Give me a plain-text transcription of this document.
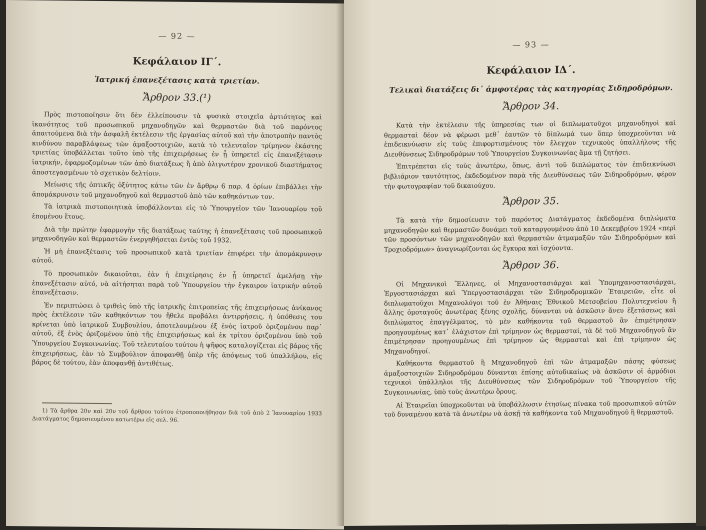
— 92 —
Κεφάλαιον ΙΓ΄.
Ἰατρική ἐπανεξέτασις κατὰ τριετίαν.
Ἄρθρον 33.(¹)

Πρὸς πιστοποίησιν ὅτι δὲν ἐλλείπουσιν τὰ φυσικὰ στοιχεῖα ἀρτιότητος καὶ ἱκανότητος τοῦ προσωπικοῦ μηχανοδηγῶν καὶ θερμαστῶν διὰ τοῦ παρόντος ἀπαιτούμενα διὰ τὴν ἀσφαλῆ ἐκτέλεσιν τῆς ἐργασίας αὐτοῦ καὶ τὴν ἀποτροπὴν παντὸς κινδύνου παραβλάψεως τῶν ἀμαξοστοιχιῶν, κατὰ τὸ τελευταῖον τρίμηνον ἑκάστης τριετίας ὑποβάλλεται τοῦτο ὑπὸ τῆς ἐπιχειρήσεως ἐν ᾗ ὑπηρετεῖ εἰς ἐπανεξέτασιν ἰατρικήν, ἐφαρμοζομένων τῶν ἀπὸ διατάξεως ἢ ἀπὸ ὀλιγωτέρον χρονικοῦ διαστήματος ἀποστεγασμένων τὸ σχετικὸν δελτίοιν.

Μείωσις τῆς ὀπτικῆς ὀξύτητος κάτω τῶν ἐν ἄρθρῳ 6 παρ. 4 ὁρίων ἐπιβάλλει τὴν ἀπομάκρυνσιν τοῦ μηχανοδηγοῦ καὶ θερμαστοῦ ἀπὸ τῶν καθηκόντων τον.

Τὰ ἰατρικὰ πιστοποιητικὰ ὑποβάλλονται εἰς τὸ Ὑπουργεῖον τῶν Ἰανουαρίου τοῦ ἑπομένου ἔτους.

Διὰ τὴν πρώτην ἐφαρμογὴν τῆς διατάξεως ταύτης ἡ ἐπανεξέτασις τοῦ προσωπικοῦ μηχανοδηγῶν καὶ θερμαστῶν ἐνεργηθήσεται ἐντὸς τοῦ 1932.

Ἡ μὴ ἐπανεξέτασις τοῦ προσωπικοῦ κατὰ τριετίαν ἐπιφέρει τὴν ἀπομάκρυνσιν αὐτοῦ.

Τὸ προσωπικὸν δικαιοῦται, ἐὰν ἡ ἐπιχείρησις ἐν ᾗ ὑπηρετεῖ ἀμελήσῃ τὴν ἐπανεξέτασιν αὐτό, νὰ αἰτήσηται παρὰ τοῦ Ὑπουργείου τὴν ἔγκαιρον ἰατρικὴν αὐτοῦ ἐπανεξέτασιν.

Ἐν περιπτώσει ὁ τριθεὶς ὑπὸ τῆς ἰατρικῆς ἐπιτροπείας τῆς ἐπιχειρήσεως ἀνίκανος πρὸς ἐκτέλεσιν τῶν καθηκόντων του ἤθελε προβάλει ἀντιρρήσεις, ἡ ὑπόθεσις του κρίνεται ὑπὸ ἰατρικοῦ Συμβουλίου, ἀποτελουμένου ἐξ ἑνὸς ἰατροῦ ὁριζομένου παρ᾿ αὐτοῦ, ἐξ ἑνὸς ὁριζομένου ὑπὸ τῆς ἐπιχειρήσεως καὶ ἐκ τρίτου ὁριζομένου ὑπὸ τοῦ Ὑπουργείου Συγκοινωνίας. Τοῦ τελευταίου τούτου ἡ ψῆφος καταλογίζεται εἰς βάρος τῆς ἐπιχειρήσεως, ἐὰν τὸ Συμβούλιον ἀποφανθῇ ὑπὲρ τῆς ἀπόψεως τοῦ ὑπαλλήλου, εἰς βάρος δὲ τούτου, ἐὰν ἀποφανθῇ ἀντιθέτως.

1) Τὰ ἄρθρα 20ν καὶ 20ν τοῦ ἄρθρου τούτου ἐτροποποιήθησαν διὰ τοῦ ἀπὸ 2 Ἰανουαρίου 1933 Διατάγματος δημοσιευμένου κατωτέρω εἰς σελ. 96.

— 93 —
Κεφάλαιον ΙΔ΄.
Τελικαὶ διατάξεις δι᾿ ἀμφοτέρας τὰς κατηγορίας Σιδηροδρόμων.
Ἄρθρον 34.

Κατὰ τὴν ἐκτέλεσιν τῆς ὑπηρεσίας των οἱ διπλωματοῦχοι μηχανοδηγοὶ καὶ θερμασταὶ δέον νὰ φέρωσι μεθ᾿ ἑαυτῶν τὸ δίπλωμά των ὅπερ ὑποχρεοῦνται νὰ ἐπιδεικνύωσιν εἰς τοὺς ἐπιφορτισμένους τὸν ἔλεγχον τεχνικοὺς ὑπαλλήλους τῆς Διευθύνσεως Σιδηροδρόμων τοῦ Ὑπουργείου Συγκοινωνίας ἅμα τῇ ζητήσει.

Ἐπιτρέπεται εἰς τοὺς ἀνωτέρω, ὅπως, ἀντὶ τοῦ διπλώματος τὸν ἐπιδεικνύωσι βιβλιάριον ταυτότητος, ἐκδεδομένον παρὰ τῆς Διευθύνσεως τῶν Σιδηροδρόμων, φέρον τὴν φωτογραφίαν τοῦ δικαιούχου.

Ἄρθρον 35.

Τὰ κατὰ τὴν δημοσίευσιν τοῦ παρόντος Διατάγματος ἐκδεδομένα διπλώματα μηχανοδηγῶν καὶ θερμαστῶν δυνάμει τοῦ καταργουμένου ἀπὸ 10 Δεκεμβρίου 1924 «περὶ τῶν προσόντων τῶν μηχανοδηγῶν καὶ θερμαστῶν ἀτμαμαξῶν τῶν Σιδηροδρόμων καὶ Τροχιοδρόμων» ἀναγνωρίζονται ὡς ἔγκυρα καὶ ἰσχύοντα.

Ἄρθρον 36.

Οἱ Μηχανικοὶ Ἕλληνες, οἱ Μηχανοστασιάρχαι καὶ Ὑπομηχανοστασιάρχαι, Ἐργοστασιάρχαι καὶ Ὑπεργοστασιάρχαι τῶν Σιδηροδρομικῶν Ἑταιρειῶν, εἶτε οἱ διπλωματοῦχοι Μηχανολόγοι τοῦ ἐν Ἀθήναις Ἐθνικοῦ Μετσοβείου Πολυτεχνείου ἢ ἄλλης ὁμοταγοῦς ἀνωτέρας ξένης σχολῆς, δύνανται νὰ ἀσκῶσιν ἄνευ ἐξετάσεως καὶ διπλώματος ἐπαγγέλματος, τὸ μὲν καθήκοντα τοῦ θερμαστοῦ ἂν ἐπιμέτρησαν προηγουμένως κατ᾿ ἐλάχιστον ἐπὶ τρίμηνον ὡς θερμασταί, τὰ δὲ τοῦ Μηχανοδηγοῦ ἂν ἐπιμέτρησαν προηγουμένως ἐπὶ τρίμηνον ὡς θερμασταὶ καὶ ἐπὶ τρίμηνον ὡς Μηχανοδηγοί.

Καθήκοντα θερμαστοῦ ἢ Μηχανοδηγοῦ ἐπὶ τῶν ἀτμαμαξῶν πάσης φύσεως ἁμαξοστοιχιῶν Σιδηροδρόμου δύνανται ἐπίσης αὐτοδικαίως νὰ ἀσκῶσιν οἱ ἁρμόδιοι τεχνικοὶ ὑπάλληλοι τῆς Διευθύνσεως τῶν Σιδηροδρόμων τοῦ Ὑπουργείου τῆς Συγκοινωνίας, ὑπὸ τοὺς ἀνωτέρω ὅρους.

Αἱ Ἑταιρεῖαι ὑποχρεοῦνται νὰ ὑποβάλλωσιν ἑτησίως πίνακα τοῦ προσωπικοῦ αὐτῶν τοῦ δυναμένου κατὰ τὰ ἀνωτέρω νὰ ἀσκῇ τὰ καθήκοντα τοῦ Μηχανοδηγοῦ ἢ θερμαστοῦ.
